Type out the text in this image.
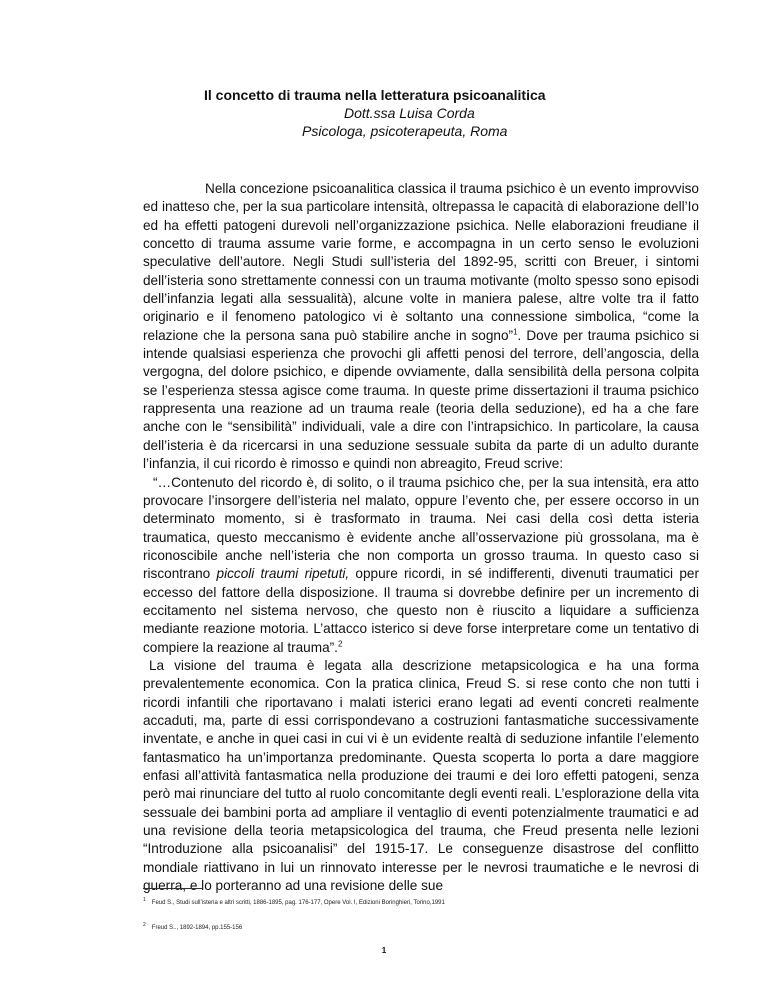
Il concetto di trauma nella letteratura psicoanalitica
Dott.ssa Luisa Corda
Psicologa, psicoterapeuta, Roma

Nella concezione psicoanalitica classica il trauma psichico è un evento improvviso ed inatteso che, per la sua particolare intensità, oltrepassa le capacità di elaborazione dell’Io ed ha effetti patogeni durevoli nell’organizzazione psichica. Nelle elaborazioni freudiane il concetto di trauma assume varie forme, e accompagna in un certo senso le evoluzioni speculative dell’autore. Negli Studi sull’isteria del 1892-95, scritti con Breuer, i sintomi dell’isteria sono strettamente connessi con un trauma motivante (molto spesso sono episodi dell’infanzia legati alla sessualità), alcune volte in maniera palese, altre volte tra il fatto originario e il fenomeno patologico vi è soltanto una connessione simbolica, “come la relazione che la persona sana può stabilire anche in sogno”$^1$. Dove per trauma psichico si intende qualsiasi esperienza che provochi gli affetti penosi del terrore, dell’angoscia, della vergogna, del dolore psichico, e dipende ovviamente, dalla sensibilità della persona colpita se l’esperienza stessa agisce come trauma. In queste prime dissertazioni il trauma psichico rappresenta una reazione ad un trauma reale (teoria della seduzione), ed ha a che fare anche con le “sensibilità” individuali, vale a dire con l’intrapsichico. In particolare, la causa dell’isteria è da ricercarsi in una seduzione sessuale subita da parte di un adulto durante l’infanzia, il cui ricordo è rimosso e quindi non abreagito, Freud scrive:

“…Contenuto del ricordo è, di solito, o il trauma psichico che, per la sua intensità, era atto provocare l’insorgere dell’isteria nel malato, oppure l’evento che, per essere occorso in un determinato momento, si è trasformato in trauma. Nei casi della così detta isteria traumatica, questo meccanismo è evidente anche all’osservazione più grossolana, ma è riconoscibile anche nell’isteria che non comporta un grosso trauma. In questo caso si riscontrano piccoli traumi ripetuti, oppure ricordi, in sé indifferenti, divenuti traumatici per eccesso del fattore della disposizione. Il trauma si dovrebbe definire per un incremento di eccitamento nel sistema nervoso, che questo non è riuscito a liquidare a sufficienza mediante reazione motoria. L’attacco isterico si deve forse interpretare come un tentativo di compiere la reazione al trauma”.$^2$

La visione del trauma è legata alla descrizione metapsicologica e ha una forma prevalentemente economica. Con la pratica clinica, Freud S. si rese conto che non tutti i ricordi infantili che riportavano i malati isterici erano legati ad eventi concreti realmente accaduti, ma, parte di essi corrispondevano a costruzioni fantasmatiche successivamente inventate, e anche in quei casi in cui vi è un evidente realtà di seduzione infantile l’elemento fantasmatico ha un’importanza predominante. Questa scoperta lo porta a dare maggiore enfasi all’attività fantasmatica nella produzione dei traumi e dei loro effetti patogeni, senza però mai rinunciare del tutto al ruolo concomitante degli eventi reali. L’esplorazione della vita sessuale dei bambini porta ad ampliare il ventaglio di eventi potenzialmente traumatici e ad una revisione della teoria metapsicologica del trauma, che Freud presenta nelle lezioni “Introduzione alla psicoanalisi” del 1915-17. Le conseguenze disastrose del conflitto mondiale riattivano in lui un rinnovato interesse per le nevrosi traumatiche e le nevrosi di guerra, e lo porteranno ad una revisione delle sue

$^1$ Feud S., Studi sull’isteria e altri scritti, 1886-1895, pag. 176-177, Opere Vol. I, Edizioni Boringhieri, Torino,1991
$^2$ Freud S.., 1892-1894, pp.155-156
1
